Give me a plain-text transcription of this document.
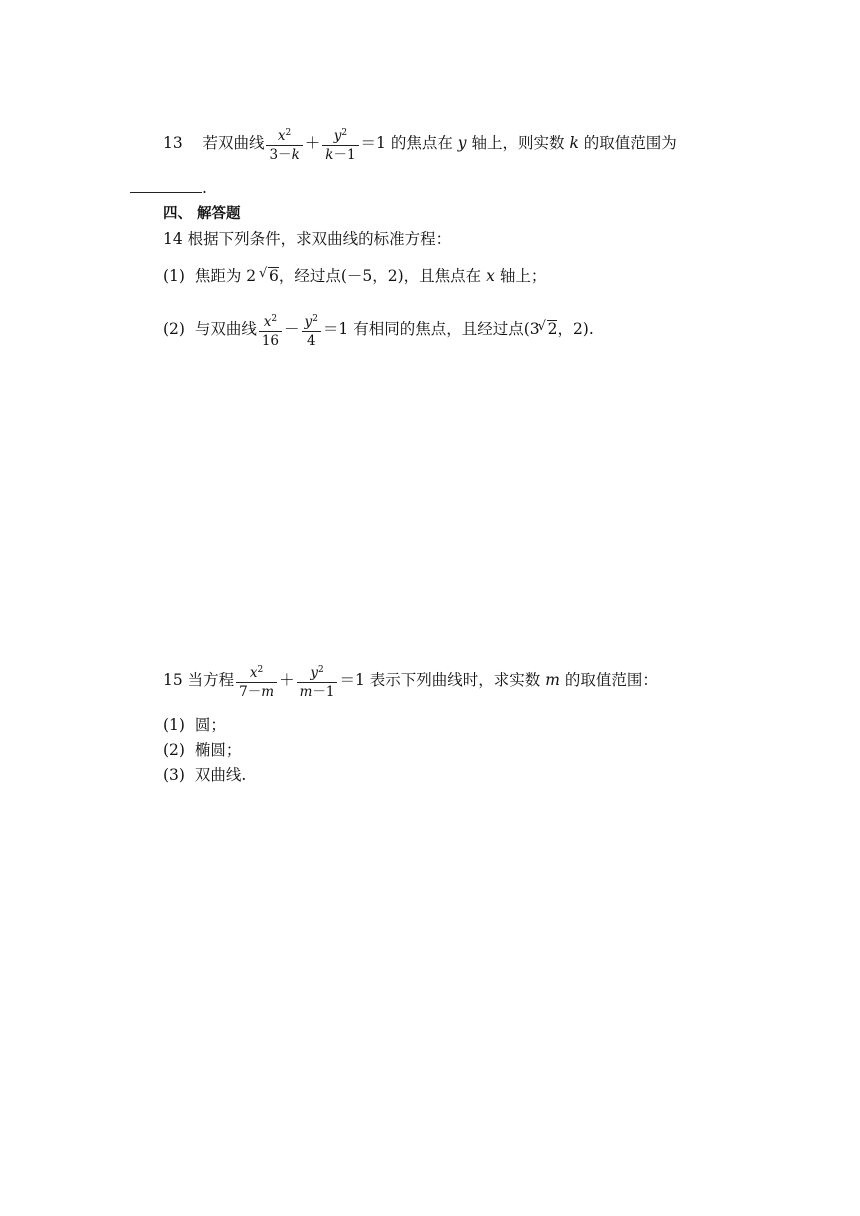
13 若双曲线 $\frac{x^2}{3-k} + \frac{y^2}{k-1} =1$ 的焦点在 y 轴上，则实数 k 的取值范围为
.
四、 解答题
14 根据下列条件，求双曲线的标准方程：
(1) 焦距为 2 √ 6，经过点(－5，2)，且焦点在 x 轴上；
(2) 与双曲线 $\frac{x^2}{16} - \frac{y^2}{4} =1$ 有相同的焦点，且经过点(3 √ 2，2).
15 当方程 $\frac{x^2}{7-m} + \frac{y^2}{m-1} =1$ 表示下列曲线时，求实数 m 的取值范围：
(1) 圆；
(2) 椭圆；
(3) 双曲线.
